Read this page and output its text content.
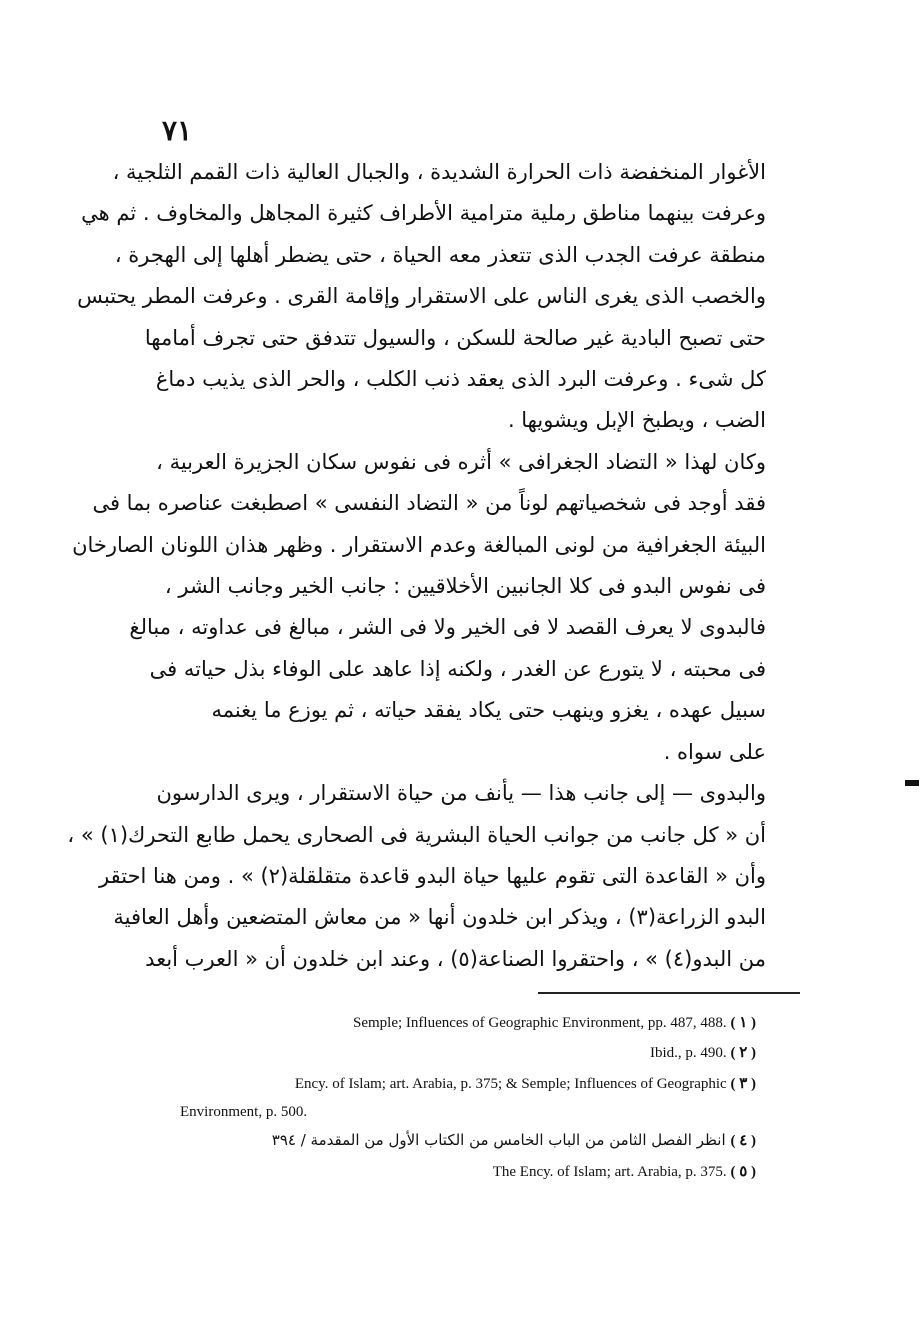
٧١
الأغوار المنخفضة ذات الحرارة الشديدة ، والجبال العالية ذات القمم الثلجية ،
وعرفت بينهما مناطق رملية مترامية الأطراف كثيرة المجاهل والمخاوف . ثم هي
منطقة عرفت الجدب الذى تتعذر معه الحياة ، حتى يضطر أهلها إلى الهجرة ،
والخصب الذى يغرى الناس على الاستقرار وإقامة القرى . وعرفت المطر يحتبس
حتى تصبح البادية غير صالحة للسكن ، والسيول تتدفق حتى تجرف أمامها
كل شىء . وعرفت البرد الذى يعقد ذنب الكلب ، والحر الذى يذيب دماغ
الضب ، ويطبخ الإبل ويشويها .
وكان لهذا « التضاد الجغرافى » أثره فى نفوس سكان الجزيرة العربية ،
فقد أوجد فى شخصياتهم لوناً من « التضاد النفسى » اصطبغت عناصره بما فى
البيئة الجغرافية من لونى المبالغة وعدم الاستقرار . وظهر هذان اللونان الصارخان
فى نفوس البدو فى كلا الجانبين الأخلاقيين : جانب الخير وجانب الشر ،
فالبدوى لا يعرف القصد لا فى الخير ولا فى الشر ، مبالغ فى عداوته ، مبالغ
فى محبته ، لا يتورع عن الغدر ، ولكنه إذا عاهد على الوفاء بذل حياته فى
سبيل عهده ، يغزو وينهب حتى يكاد يفقد حياته ، ثم يوزع ما يغنمه
على سواه .
والبدوى — إلى جانب هذا — يأنف من حياة الاستقرار ، ويرى الدارسون
أن « كل جانب من جوانب الحياة البشرية فى الصحارى يحمل طابع التحرك(١) » ،
وأن « القاعدة التى تقوم عليها حياة البدو قاعدة متقلقلة(٢) » . ومن هنا احتقر
البدو الزراعة(٣) ، ويذكر ابن خلدون أنها « من معاش المتضعين وأهل العافية
من البدو(٤) » ، واحتقروا الصناعة(٥) ، وعند ابن خلدون أن « العرب أبعد
Semple; Influences of Geographic Environment, pp. 487, 488. ( ١ )
Ibid., p. 490. ( ٢ )
Ency. of Islam; art. Arabia, p. 375; & Semple; Influences of Geographic ( ٣ )
Environment, p. 500.
( ٤ ) انظر الفصل الثامن من الباب الخامس من الكتاب الأول من المقدمة / ٣٩٤
The Ency. of Islam; art. Arabia, p. 375. ( ٥ )
